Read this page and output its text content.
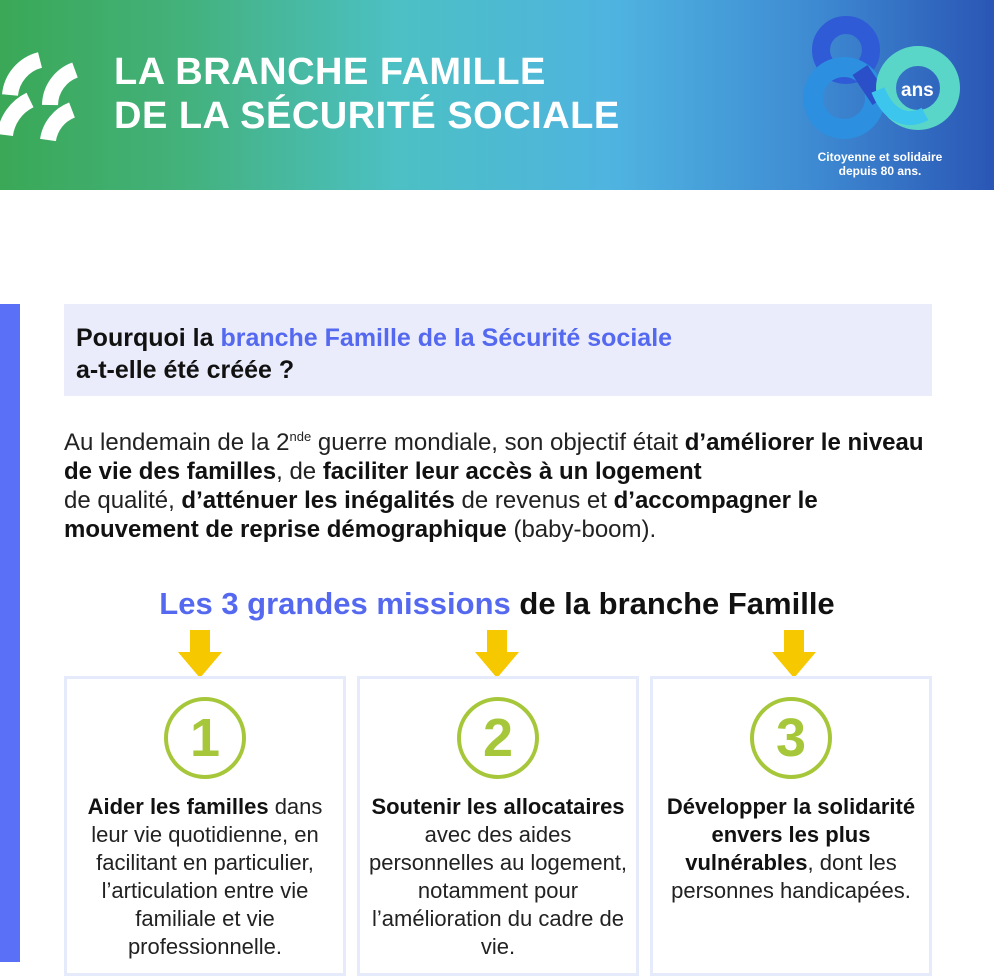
LA BRANCHE FAMILLE
DE LA SÉCURITÉ SOCIALE
ans
Citoyenne et solidaire
depuis 80 ans.
Pourquoi la branche Famille de la Sécurité sociale
a-t-elle été créée ?
Au lendemain de la 2nde guerre mondiale, son objectif était d’améliorer le niveau de vie des familles, de faciliter leur accès à un logement
de qualité, d’atténuer les inégalités de revenus et d’accompagner le mouvement de reprise démographique (baby-boom).
Les 3 grandes missions de la branche Famille
1
Aider les familles dans leur vie quotidienne, en facilitant en particulier, l’articulation entre vie familiale et vie professionnelle.
2
Soutenir les allocataires avec des aides personnelles au logement, notamment pour l’amélioration du cadre de vie.
3
Développer la solidarité envers les plus vulnérables, dont les personnes handicapées.
